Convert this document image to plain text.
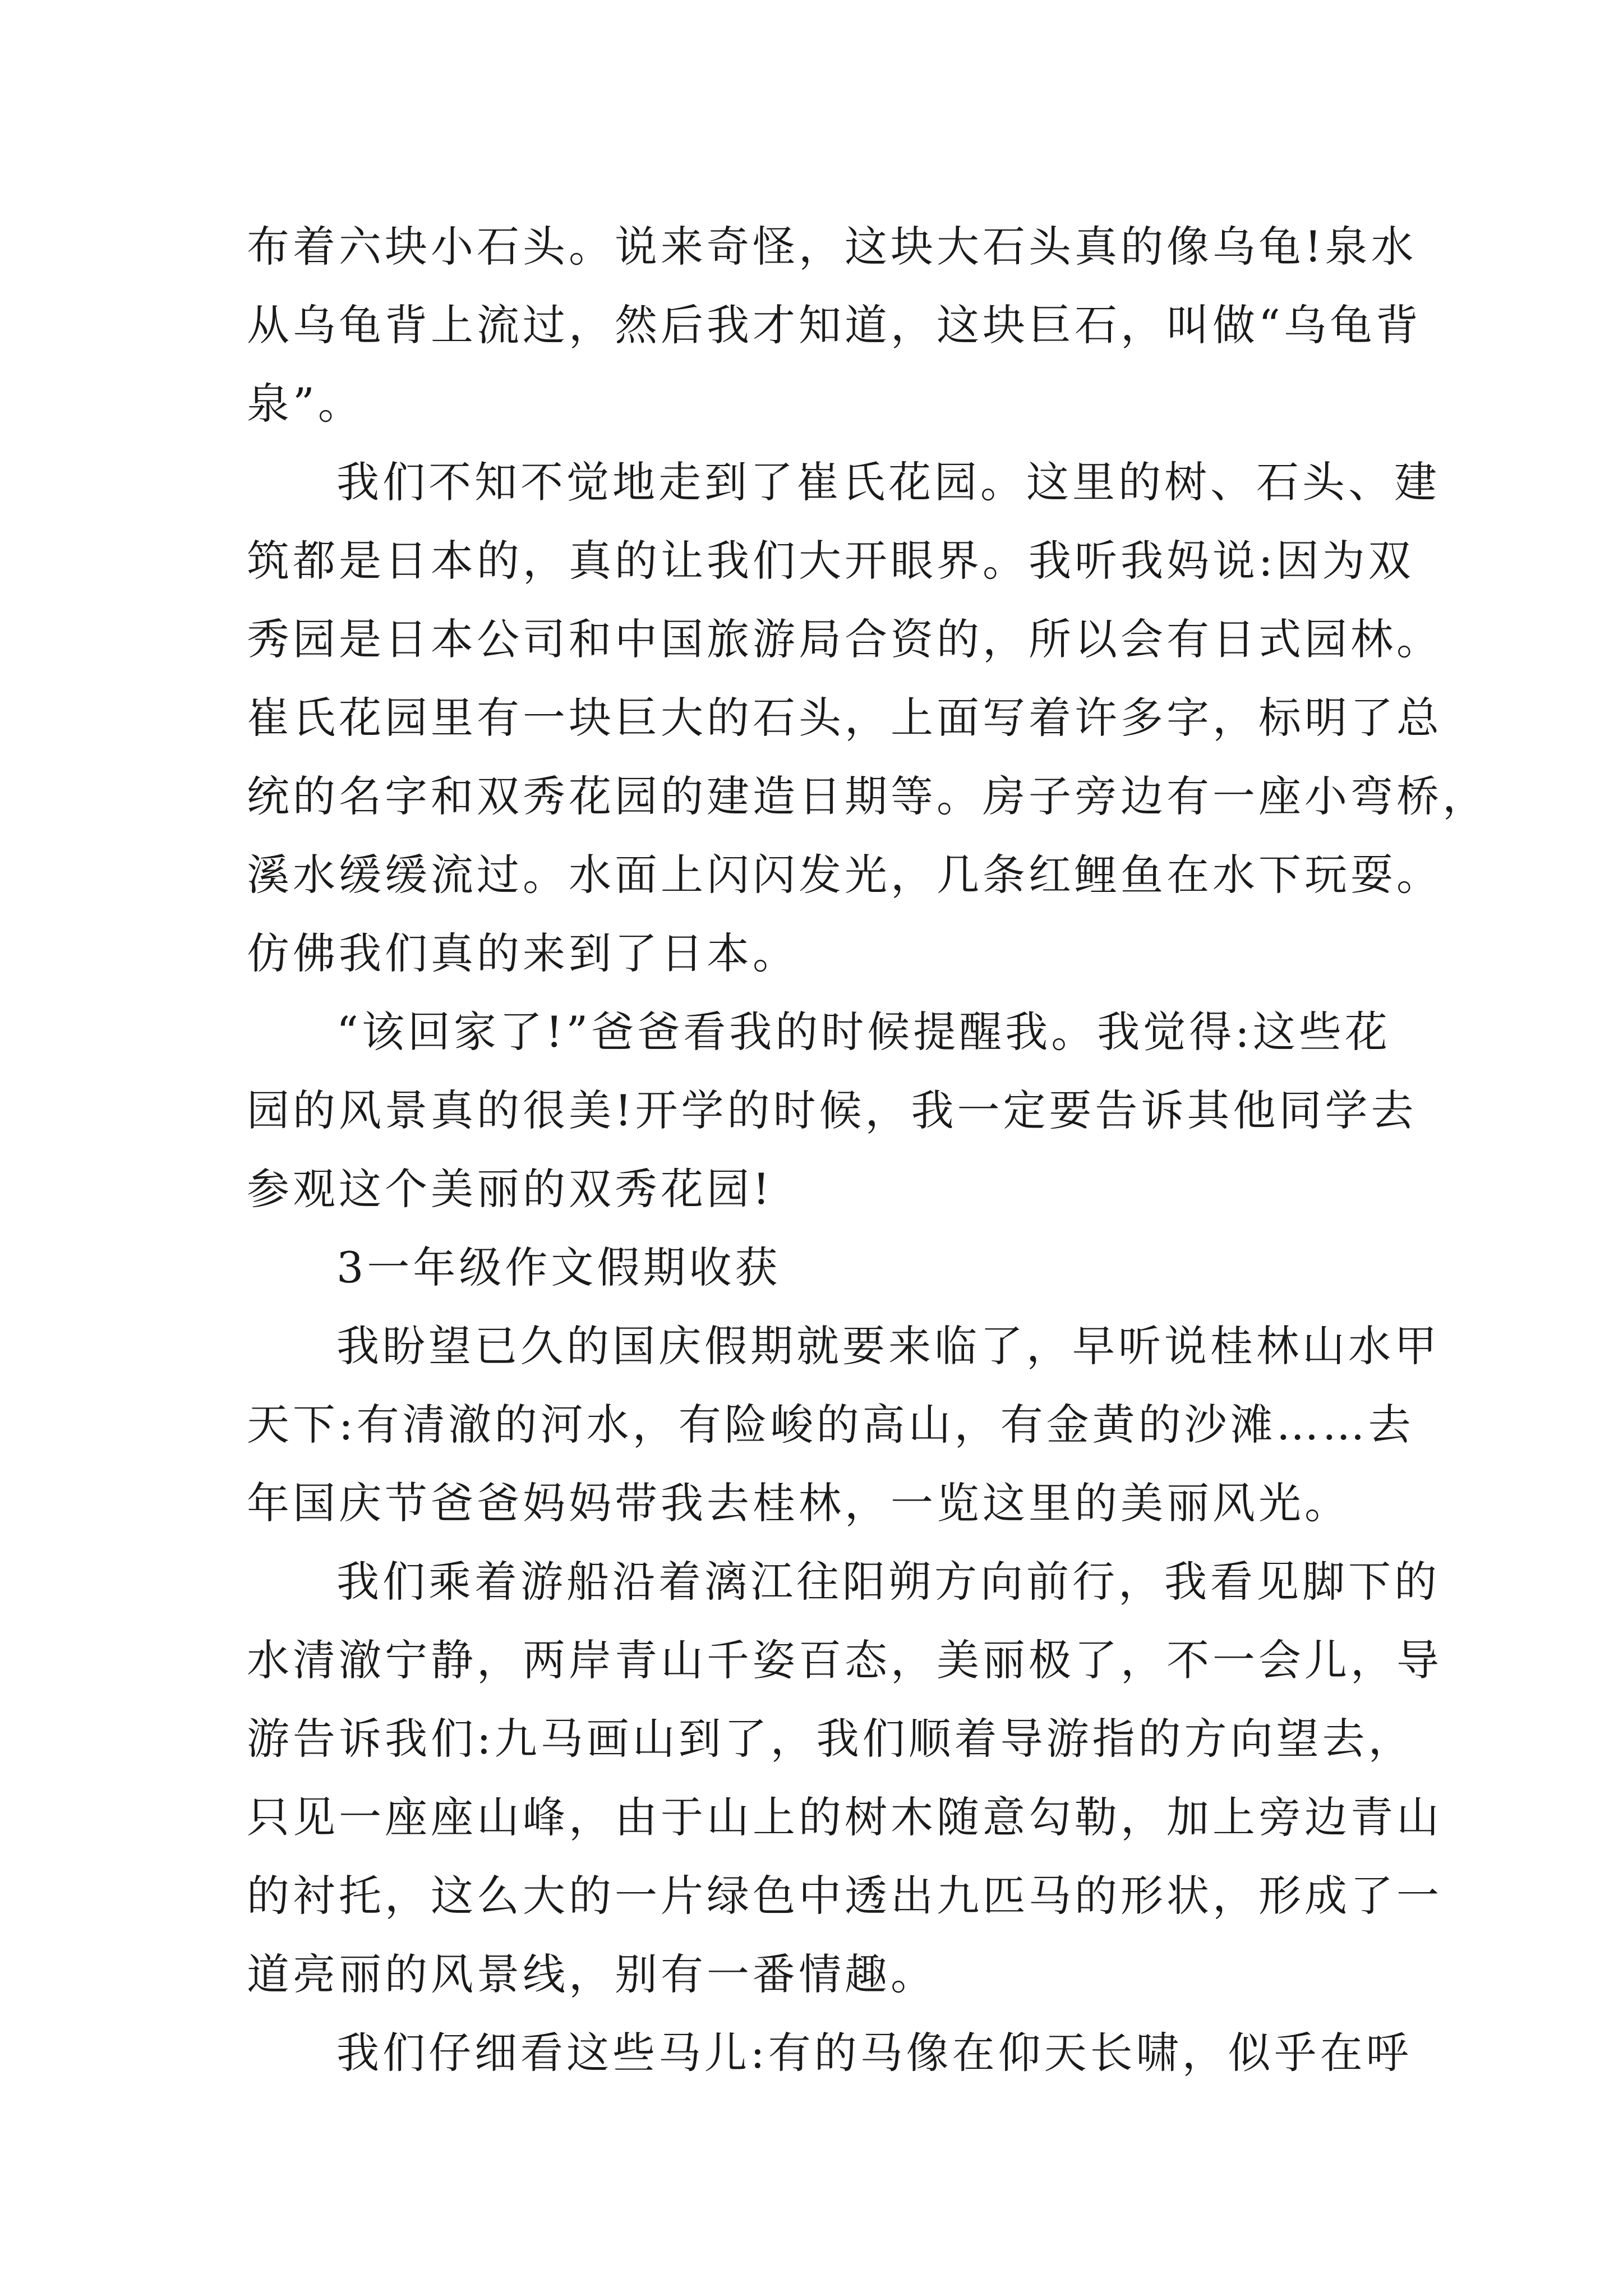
布着六块小石头。说来奇怪，这块大石头真的像乌龟!泉水
从乌龟背上流过，然后我才知道，这块巨石，叫做“乌龟背
泉”。
我们不知不觉地走到了崔氏花园。这里的树、石头、建
筑都是日本的，真的让我们大开眼界。我听我妈说:因为双
秀园是日本公司和中国旅游局合资的，所以会有日式园林。
崔氏花园里有一块巨大的石头，上面写着许多字，标明了总
统的名字和双秀花园的建造日期等。房子旁边有一座小弯桥，
溪水缓缓流过。水面上闪闪发光，几条红鲤鱼在水下玩耍。
仿佛我们真的来到了日本。
“该回家了!”爸爸看我的时候提醒我。我觉得:这些花
园的风景真的很美!开学的时候，我一定要告诉其他同学去
参观这个美丽的双秀花园!
3一年级作文假期收获
我盼望已久的国庆假期就要来临了，早听说桂林山水甲
天下:有清澈的河水，有险峻的高山，有金黄的沙滩……去
年国庆节爸爸妈妈带我去桂林，一览这里的美丽风光。
我们乘着游船沿着漓江往阳朔方向前行，我看见脚下的
水清澈宁静，两岸青山千姿百态，美丽极了，不一会儿，导
游告诉我们:九马画山到了，我们顺着导游指的方向望去，
只见一座座山峰，由于山上的树木随意勾勒，加上旁边青山
的衬托，这么大的一片绿色中透出九匹马的形状，形成了一
道亮丽的风景线，别有一番情趣。
我们仔细看这些马儿:有的马像在仰天长啸，似乎在呼
